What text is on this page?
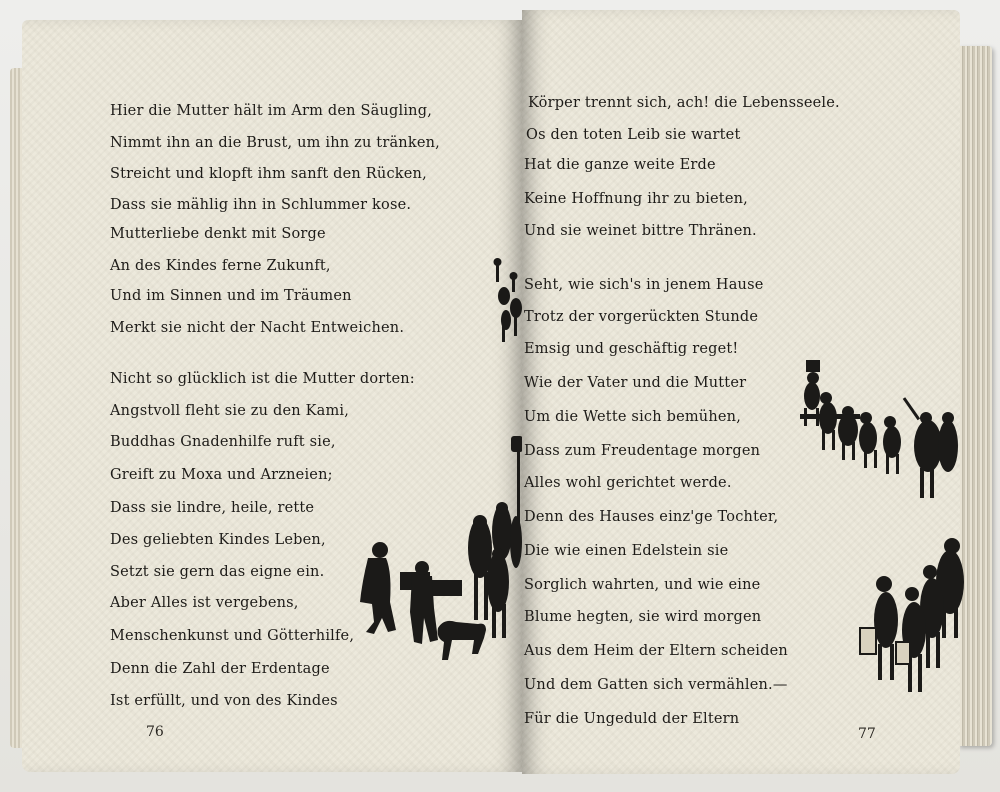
Hier die Mutter hält im Arm den Säugling,
Nimmt ihn an die Brust, um ihn zu tränken,
Streicht und klopft ihm sanft den Rücken,
Dass sie mählig ihn in Schlummer kose.
Mutterliebe denkt mit Sorge
An des Kindes ferne Zukunft,
Und im Sinnen und im Träumen
Merkt sie nicht der Nacht Entweichen.
Nicht so glücklich ist die Mutter dorten:
Angstvoll fleht sie zu den Kami,
Buddhas Gnadenhilfe ruft sie,
Greift zu Moxa und Arzneien;
Dass sie lindre, heile, rette
Des geliebten Kindes Leben,
Setzt sie gern das eigne ein.
Aber Alles ist vergebens,
Menschenkunst und Götterhilfe,
Denn die Zahl der Erdentage
Ist erfüllt, und von des Kindes
76
Körper trennt sich, ach! die Lebensseele.
Os den toten Leib sie wartet
Hat die ganze weite Erde
Keine Hoffnung ihr zu bieten,
Und sie weinet bittre Thränen.
Seht, wie sich's in jenem Hause
Trotz der vorgerückten Stunde
Emsig und geschäftig reget!
Wie der Vater und die Mutter
Um die Wette sich bemühen,
Dass zum Freudentage morgen
Alles wohl gerichtet werde.
Denn des Hauses einz'ge Tochter,
Die wie einen Edelstein sie
Sorglich wahrten, und wie eine
Blume hegten, sie wird morgen
Aus dem Heim der Eltern scheiden
Und dem Gatten sich vermählen.—
Für die Ungeduld der Eltern
77
